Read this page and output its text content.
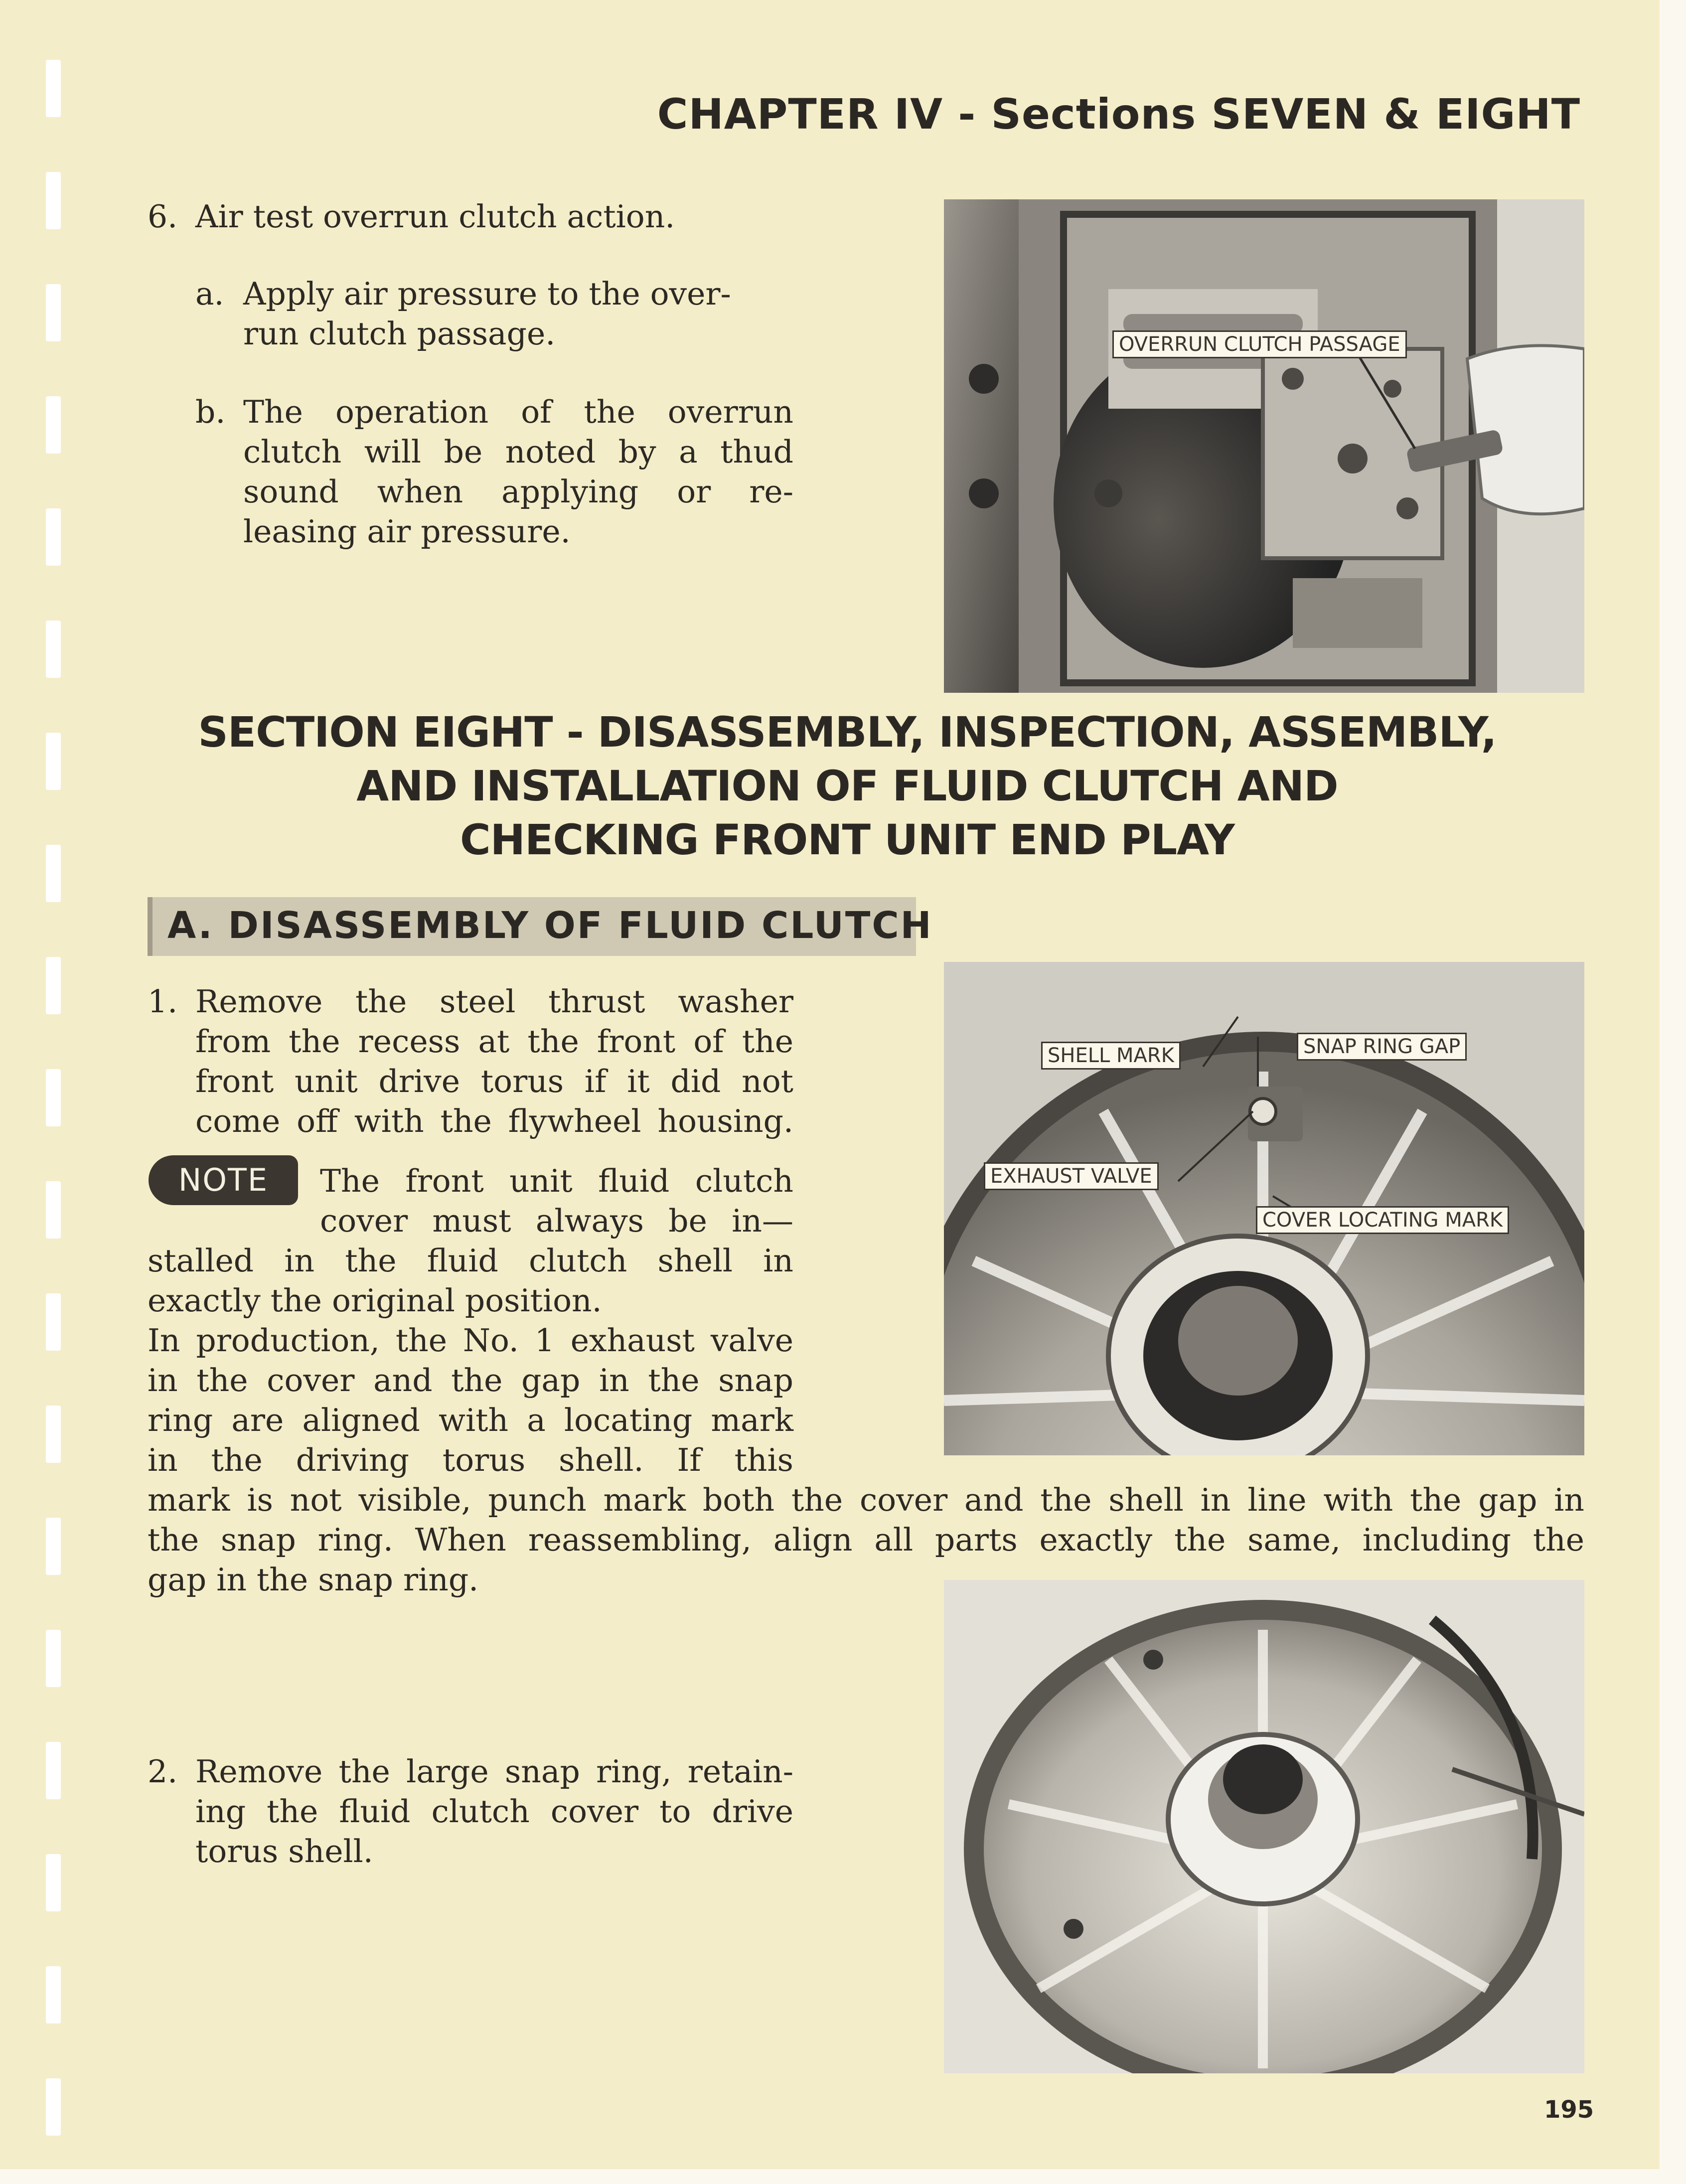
CHAPTER IV - Sections SEVEN & EIGHT
6. Air test overrun clutch action.
a. Apply air pressure to the over-
run clutch passage.
b. The operation of the overrun
clutch will be noted by a thud
sound when applying or re-
leasing air pressure.
OVERRUN CLUTCH PASSAGE
SECTION EIGHT - DISASSEMBLY, INSPECTION, ASSEMBLY,
AND INSTALLATION OF FLUID CLUTCH AND
CHECKING FRONT UNIT END PLAY
A. DISASSEMBLY OF FLUID CLUTCH
1. Remove the steel thrust washer
from the recess at the front of the
front unit drive torus if it did not
come off with the flywheel housing.
NOTE	The front unit fluid clutch
cover must always be in—
stalled in the fluid clutch shell in
exactly the original position.
In production, the No. 1 exhaust valve
in the cover and the gap in the snap
ring are aligned with a locating mark
in the driving torus shell. If this
mark is not visible, punch mark both the cover and the shell in line with the gap in
the snap ring. When reassembling, align all parts exactly the same, including the
gap in the snap ring.
SHELL MARK	SNAP RING GAP
EXHAUST VALVE
COVER LOCATING MARK
2. Remove the large snap ring, retain-
ing the fluid clutch cover to drive
torus shell.
195
